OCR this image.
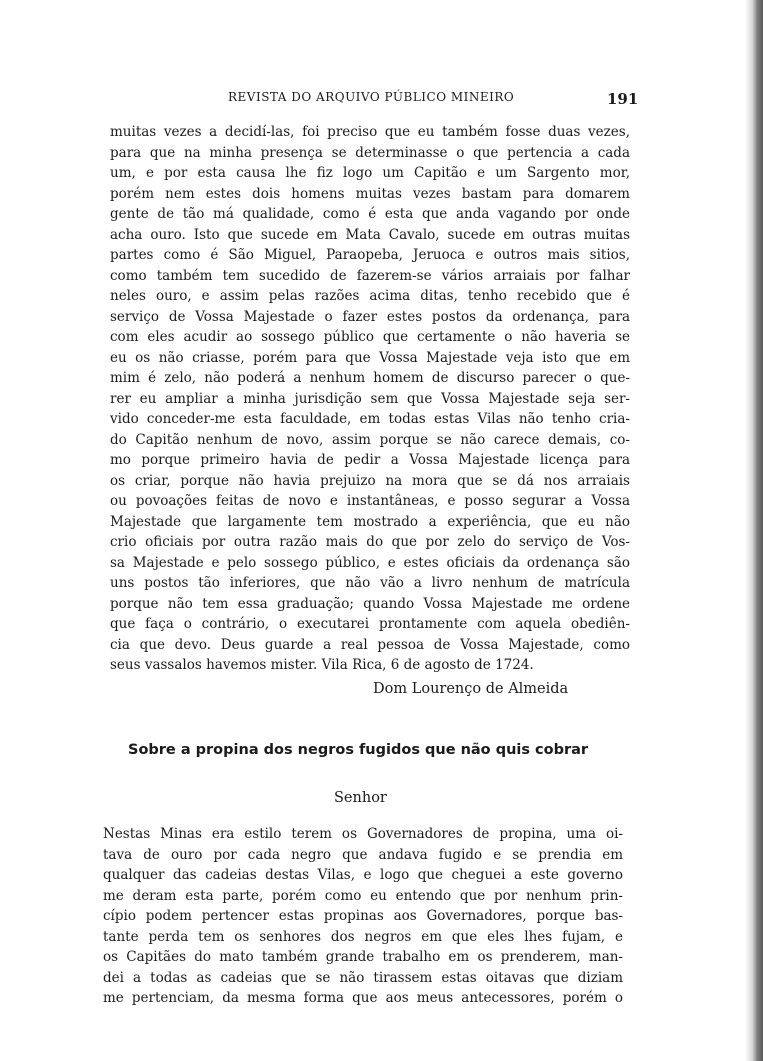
REVISTA DO ARQUIVO PÚBLICO MINEIRO	191
muitas vezes a decidí-las, foi preciso que eu também fosse duas vezes,
para que na minha presença se determinasse o que pertencia a cada
um, e por esta causa lhe fiz logo um Capitão e um Sargento mor,
porém nem estes dois homens muitas vezes bastam para domarem
gente de tão má qualidade, como é esta que anda vagando por onde
acha ouro. Isto que sucede em Mata Cavalo, sucede em outras muitas
partes como é São Miguel, Paraopeba, Jeruoca e outros mais sitios,
como também tem sucedido de fazerem-se vários arraiais por falhar
neles ouro, e assim pelas razões acima ditas, tenho recebido que é
serviço de Vossa Majestade o fazer estes postos da ordenança, para
com eles acudir ao sossego público que certamente o não haveria se
eu os não criasse, porém para que Vossa Majestade veja isto que em
mim é zelo, não poderá a nenhum homem de discurso parecer o que-
rer eu ampliar a minha jurisdição sem que Vossa Majestade seja ser-
vido conceder-me esta faculdade, em todas estas Vilas não tenho cria-
do Capitão nenhum de novo, assim porque se não carece demais, co-
mo porque primeiro havia de pedir a Vossa Majestade licença para
os criar, porque não havia prejuizo na mora que se dá nos arraiais
ou povoações feitas de novo e instantâneas, e posso segurar a Vossa
Majestade que largamente tem mostrado a experiência, que eu não
crio oficiais por outra razão mais do que por zelo do serviço de Vos-
sa Majestade e pelo sossego público, e estes oficiais da ordenança são
uns postos tão inferiores, que não vão a livro nenhum de matrícula
porque não tem essa graduação; quando Vossa Majestade me ordene
que faça o contrário, o executarei prontamente com aquela obediên-
cia que devo. Deus guarde a real pessoa de Vossa Majestade, como
seus vassalos havemos mister. Vila Rica, 6 de agosto de 1724.
Dom Lourenço de Almeida
Sobre a propina dos negros fugidos que não quis cobrar
Senhor
Nestas Minas era estilo terem os Governadores de propina, uma oi-
tava de ouro por cada negro que andava fugido e se prendia em
qualquer das cadeias destas Vilas, e logo que cheguei a este governo
me deram esta parte, porém como eu entendo que por nenhum prin-
cípio podem pertencer estas propinas aos Governadores, porque bas-
tante perda tem os senhores dos negros em que eles lhes fujam, e
os Capitães do mato também grande trabalho em os prenderem, man-
dei a todas as cadeias que se não tirassem estas oitavas que diziam
me pertenciam, da mesma forma que aos meus antecessores, porém o
